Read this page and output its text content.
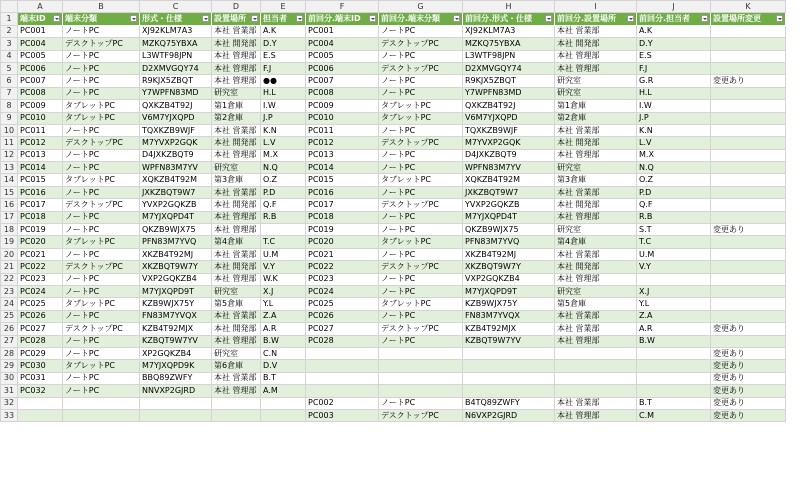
	A	B	C	D	E	F	G	H	I	J	K
1	端末ID	端末分類	形式・仕様	設置場所	担当者	前回分.端末ID	前回分.端末分類	前回分.形式・仕様	前回分.設置場所	前回分.担当者	設置場所変更

2	PC001	ノートPC	XJ92KLM7A3	本社 営業部	A.K	PC001	ノートPC	XJ92KLM7A3	本社 営業部	A.K	
3	PC004	デスクトップPC	MZKQ75YBXA	本社 開発部	D.Y	PC004	デスクトップPC	MZKQ75YBXA	本社 開発部	D.Y	
4	PC005	ノートPC	L3WTF98JPN	本社 管理部	E.S	PC005	ノートPC	L3WTF98JPN	本社 管理部	E.S	
5	PC006	ノートPC	D2XMVGQY74	本社 管理部	F.J	PC006	デスクトップPC	D2XMVGQY74	本社 管理部	F.J	
6	PC007	ノートPC	R9KJX5ZBQT	本社 管理部	●●	PC007	ノートPC	R9KJX5ZBQT	研究室	G.R	変更あり
7	PC008	ノートPC	Y7WPFN83MD	研究室	H.L	PC008	ノートPC	Y7WPFN83MD	研究室	H.L	
8	PC009	タブレットPC	QXKZB4T92J	第1倉庫	I.W	PC009	タブレットPC	QXKZB4T92J	第1倉庫	I.W	
9	PC010	タブレットPC	V6M7YJXQPD	第2倉庫	J.P	PC010	タブレットPC	V6M7YJXQPD	第2倉庫	J.P	
10	PC011	ノートPC	TQXKZB9WJF	本社 営業部	K.N	PC011	ノートPC	TQXKZB9WJF	本社 営業部	K.N	
11	PC012	デスクトップPC	M7YVXP2GQK	本社 開発部	L.V	PC012	デスクトップPC	M7YVXP2GQK	本社 開発部	L.V	
12	PC013	ノートPC	D4JXKZBQT9	本社 管理部	M.X	PC013	ノートPC	D4JXKZBQT9	本社 管理部	M.X	
13	PC014	ノートPC	WPFN83M7YV	研究室	N.Q	PC014	ノートPC	WPFN83M7YV	研究室	N.Q	
14	PC015	タブレットPC	XQKZB4T92M	第3倉庫	O.Z	PC015	タブレットPC	XQKZB4T92M	第3倉庫	O.Z	
15	PC016	ノートPC	JXKZBQT9W7	本社 営業部	P.D	PC016	ノートPC	JXKZBQT9W7	本社 営業部	P.D	
16	PC017	デスクトップPC	YVXP2GQKZB	本社 開発部	Q.F	PC017	デスクトップPC	YVXP2GQKZB	本社 開発部	Q.F	
17	PC018	ノートPC	M7YJXQPD4T	本社 管理部	R.B	PC018	ノートPC	M7YJXQPD4T	本社 管理部	R.B	
18	PC019	ノートPC	QKZB9WJX75	本社 管理部		PC019	ノートPC	QKZB9WJX75	研究室	S.T	変更あり
19	PC020	タブレットPC	PFN83M7YVQ	第4倉庫	T.C	PC020	タブレットPC	PFN83M7YVQ	第4倉庫	T.C	
20	PC021	ノートPC	XKZB4T92MJ	本社 営業部	U.M	PC021	ノートPC	XKZB4T92MJ	本社 営業部	U.M	
21	PC022	デスクトップPC	XKZBQT9W7Y	本社 開発部	V.Y	PC022	デスクトップPC	XKZBQT9W7Y	本社 開発部	V.Y	
22	PC023	ノートPC	VXP2GQKZB4	本社 管理部	W.K	PC023	ノートPC	VXP2GQKZB4	本社 管理部		
23	PC024	ノートPC	M7YJXQPD9T	研究室	X.J	PC024	ノートPC	M7YJXQPD9T	研究室	X.J	
24	PC025	タブレットPC	KZB9WJX75Y	第5倉庫	Y.L	PC025	タブレットPC	KZB9WJX75Y	第5倉庫	Y.L	
25	PC026	ノートPC	FN83M7YVQX	本社 営業部	Z.A	PC026	ノートPC	FN83M7YVQX	本社 営業部	Z.A	
26	PC027	デスクトップPC	KZB4T92MJX	本社 開発部	A.R	PC027	デスクトップPC	KZB4T92MJX	本社 営業部	A.R	変更あり
27	PC028	ノートPC	KZBQT9W7YV	本社 管理部	B.W	PC028	ノートPC	KZBQT9W7YV	本社 管理部	B.W	
28	PC029	ノートPC	XP2GQKZB4	研究室	C.N						変更あり
29	PC030	タブレットPC	M7YJXQPD9K	第6倉庫	D.V						変更あり
30	PC031	ノートPC	BBQ89ZWFY	本社 営業部	B.T						変更あり
31	PC032	ノートPC	NNVXP2GJRD	本社 管理部	A.M						変更あり
32						PC002	ノートPC	B4TQ89ZWFY	本社 営業部	B.T	変更あり
33						PC003	デスクトップPC	N6VXP2GJRD	本社 管理部	C.M	変更あり
